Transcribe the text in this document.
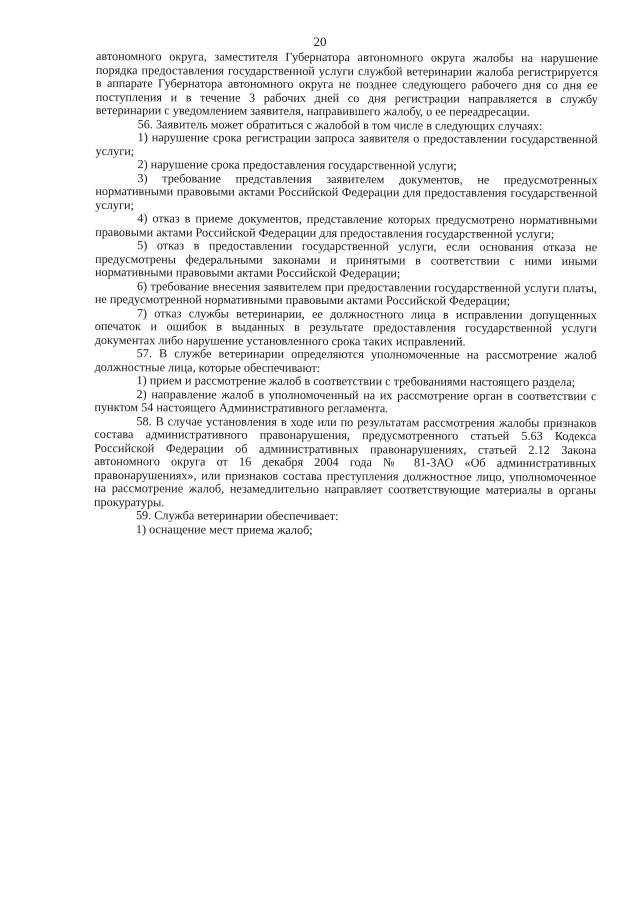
20

автономного округа, заместителя Губернатора автономного округа жалобы на нарушение порядка предоставления государственной услуги службой ветеринарии жалоба регистрируется в аппарате Губернатора автономного округа не позднее следующего рабочего дня со дня ее поступления и в течение 3 рабочих дней со дня регистрации направляется в службу ветеринарии с уведомлением заявителя, направившего жалобу, о ее переадресации.

56. Заявитель может обратиться с жалобой в том числе в следующих случаях:

1) нарушение срока регистрации запроса заявителя о предоставлении государственной услуги;

2) нарушение срока предоставления государственной услуги;

3) требование представления заявителем документов, не предусмотренных нормативными правовыми актами Российской Федерации для предоставления государственной услуги;

4) отказ в приеме документов, представление которых предусмотрено нормативными правовыми актами Российской Федерации для предоставления государственной услуги;

5) отказ в предоставлении государственной услуги, если основания отказа не предусмотрены федеральными законами и принятыми в соответствии с ними иными нормативными правовыми актами Российской Федерации;

6) требование внесения заявителем при предоставлении государственной услуги платы, не предусмотренной нормативными правовыми актами Российской Федерации;

7) отказ службы ветеринарии, ее должностного лица в исправлении допущенных опечаток и ошибок в выданных в результате предоставления государственной услуги документах либо нарушение установленного срока таких исправлений.

57. В службе ветеринарии определяются уполномоченные на рассмотрение жалоб должностные лица, которые обеспечивают:

1) прием и рассмотрение жалоб в соответствии с требованиями настоящего раздела;

2) направление жалоб в уполномоченный на их рассмотрение орган в соответствии с пунктом 54 настоящего Административного регламента.

58. В случае установления в ходе или по результатам рассмотрения жалобы признаков состава административного правонарушения, предусмотренного статьей 5.63 Кодекса Российской Федерации об административных правонарушениях, статьей 2.12 Закона автономного округа от 16 декабря 2004 года № 81-ЗАО «Об административных правонарушениях», или признаков состава преступления должностное лицо, уполномоченное на рассмотрение жалоб, незамедлительно направляет соответствующие материалы в органы прокуратуры.

59. Служба ветеринарии обеспечивает:

1) оснащение мест приема жалоб;
